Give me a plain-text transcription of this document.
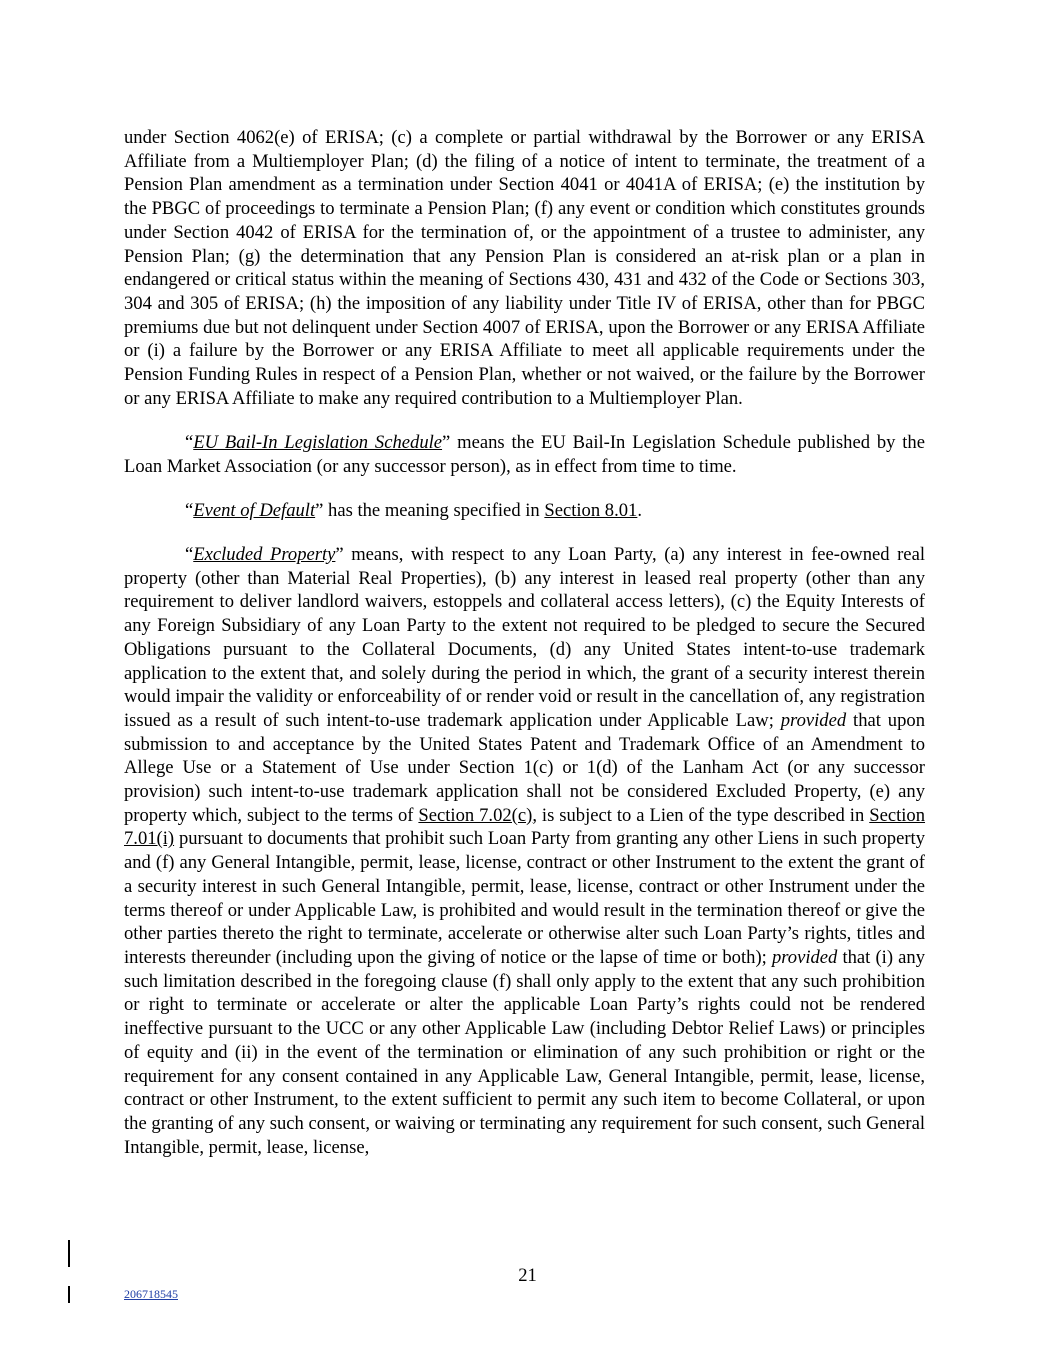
under Section 4062(e) of ERISA; (c) a complete or partial withdrawal by the Borrower or any ERISA Affiliate from a Multiemployer Plan; (d) the filing of a notice of intent to terminate, the treatment of a Pension Plan amendment as a termination under Section 4041 or 4041A of ERISA; (e) the institution by the PBGC of proceedings to terminate a Pension Plan; (f) any event or condition which constitutes grounds under Section 4042 of ERISA for the termination of, or the appointment of a trustee to administer, any Pension Plan; (g) the determination that any Pension Plan is considered an at-risk plan or a plan in endangered or critical status within the meaning of Sections 430, 431 and 432 of the Code or Sections 303, 304 and 305 of ERISA; (h) the imposition of any liability under Title IV of ERISA, other than for PBGC premiums due but not delinquent under Section 4007 of ERISA, upon the Borrower or any ERISA Affiliate or (i) a failure by the Borrower or any ERISA Affiliate to meet all applicable requirements under the Pension Funding Rules in respect of a Pension Plan, whether or not waived, or the failure by the Borrower or any ERISA Affiliate to make any required contribution to a Multiemployer Plan.

“EU Bail-In Legislation Schedule” means the EU Bail-In Legislation Schedule published by the Loan Market Association (or any successor person), as in effect from time to time.

“Event of Default” has the meaning specified in Section 8.01.

“Excluded Property” means, with respect to any Loan Party, (a) any interest in fee-owned real property (other than Material Real Properties), (b) any interest in leased real property (other than any requirement to deliver landlord waivers, estoppels and collateral access letters), (c) the Equity Interests of any Foreign Subsidiary of any Loan Party to the extent not required to be pledged to secure the Secured Obligations pursuant to the Collateral Documents, (d) any United States intent-to-use trademark application to the extent that, and solely during the period in which, the grant of a security interest therein would impair the validity or enforceability of or render void or result in the cancellation of, any registration issued as a result of such intent-to-use trademark application under Applicable Law; provided that upon submission to and acceptance by the United States Patent and Trademark Office of an Amendment to Allege Use or a Statement of Use under Section 1(c) or 1(d) of the Lanham Act (or any successor provision) such intent-to-use trademark application shall not be considered Excluded Property, (e) any property which, subject to the terms of Section 7.02(c), is subject to a Lien of the type described in Section 7.01(i) pursuant to documents that prohibit such Loan Party from granting any other Liens in such property and (f) any General Intangible, permit, lease, license, contract or other Instrument to the extent the grant of a security interest in such General Intangible, permit, lease, license, contract or other Instrument under the terms thereof or under Applicable Law, is prohibited and would result in the termination thereof or give the other parties thereto the right to terminate, accelerate or otherwise alter such Loan Party’s rights, titles and interests thereunder (including upon the giving of notice or the lapse of time or both); provided that (i) any such limitation described in the foregoing clause (f) shall only apply to the extent that any such prohibition or right to terminate or accelerate or alter the applicable Loan Party’s rights could not be rendered ineffective pursuant to the UCC or any other Applicable Law (including Debtor Relief Laws) or principles of equity and (ii) in the event of the termination or elimination of any such prohibition or right or the requirement for any consent contained in any Applicable Law, General Intangible, permit, lease, license, contract or other Instrument, to the extent sufficient to permit any such item to become Collateral, or upon the granting of any such consent, or waiving or terminating any requirement for such consent, such General Intangible, permit, lease, license,

21
206718545
